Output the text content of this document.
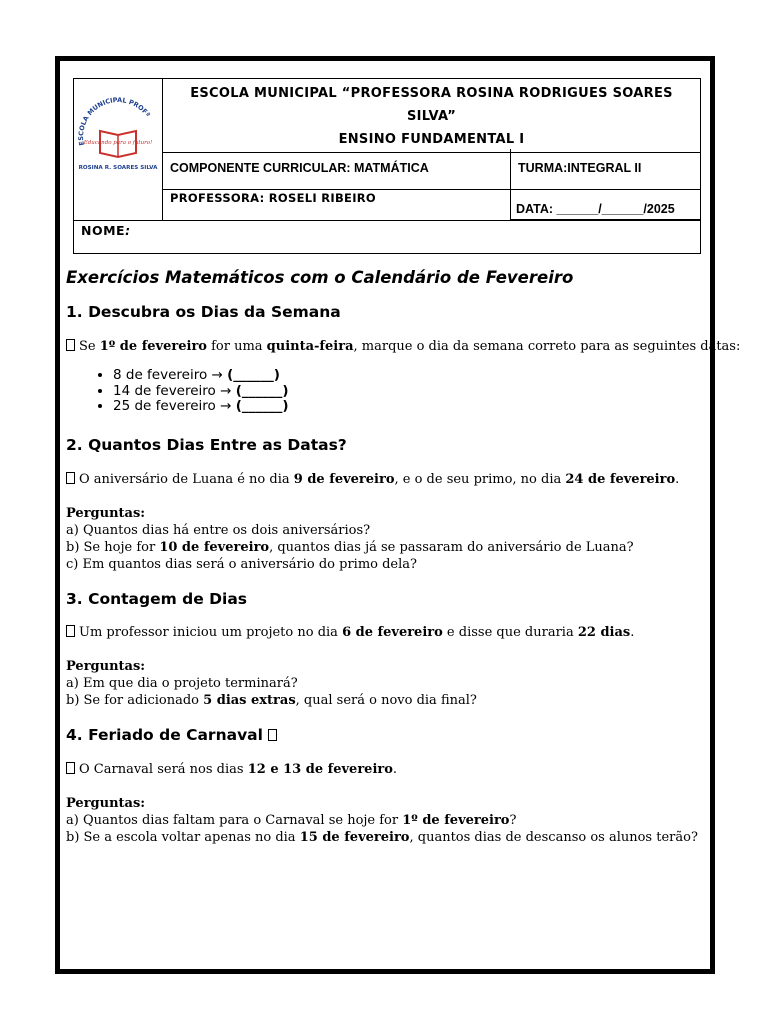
ESCOLA MUNICIPAL PROFª
Educando para o futuro!
ROSINA R. SOARES SILVA
ESCOLA MUNICIPAL “PROFESSORA ROSINA RODRIGUES SOARES
SILVA”
ENSINO FUNDAMENTAL I
COMPONENTE CURRICULAR: MATMÁTICA	TURMA:INTEGRAL II
PROFESSORA: ROSELI RIBEIRO
DATA: ______/______/2025
NOME:
Exercícios Matemáticos com o Calendário de Fevereiro
1. Descubra os Dias da Semana

Se 1º de fevereiro for uma quinta-feira, marque o dia da semana correto para as seguintes datas:

• 8 de fevereiro → (______)
• 14 de fevereiro → (______)
• 25 de fevereiro → (______)
2. Quantos Dias Entre as Datas?

O aniversário de Luana é no dia 9 de fevereiro, e o de seu primo, no dia 24 de fevereiro.

Perguntas:
a) Quantos dias há entre os dois aniversários?
b) Se hoje for 10 de fevereiro, quantos dias já se passaram do aniversário de Luana?
c) Em quantos dias será o aniversário do primo dela?

3. Contagem de Dias

Um professor iniciou um projeto no dia 6 de fevereiro e disse que duraria 22 dias.

Perguntas:
a) Em que dia o projeto terminará?
b) Se for adicionado 5 dias extras, qual será o novo dia final?

4. Feriado de Carnaval

O Carnaval será nos dias 12 e 13 de fevereiro.

Perguntas:
a) Quantos dias faltam para o Carnaval se hoje for 1º de fevereiro?
b) Se a escola voltar apenas no dia 15 de fevereiro, quantos dias de descanso os alunos terão?
